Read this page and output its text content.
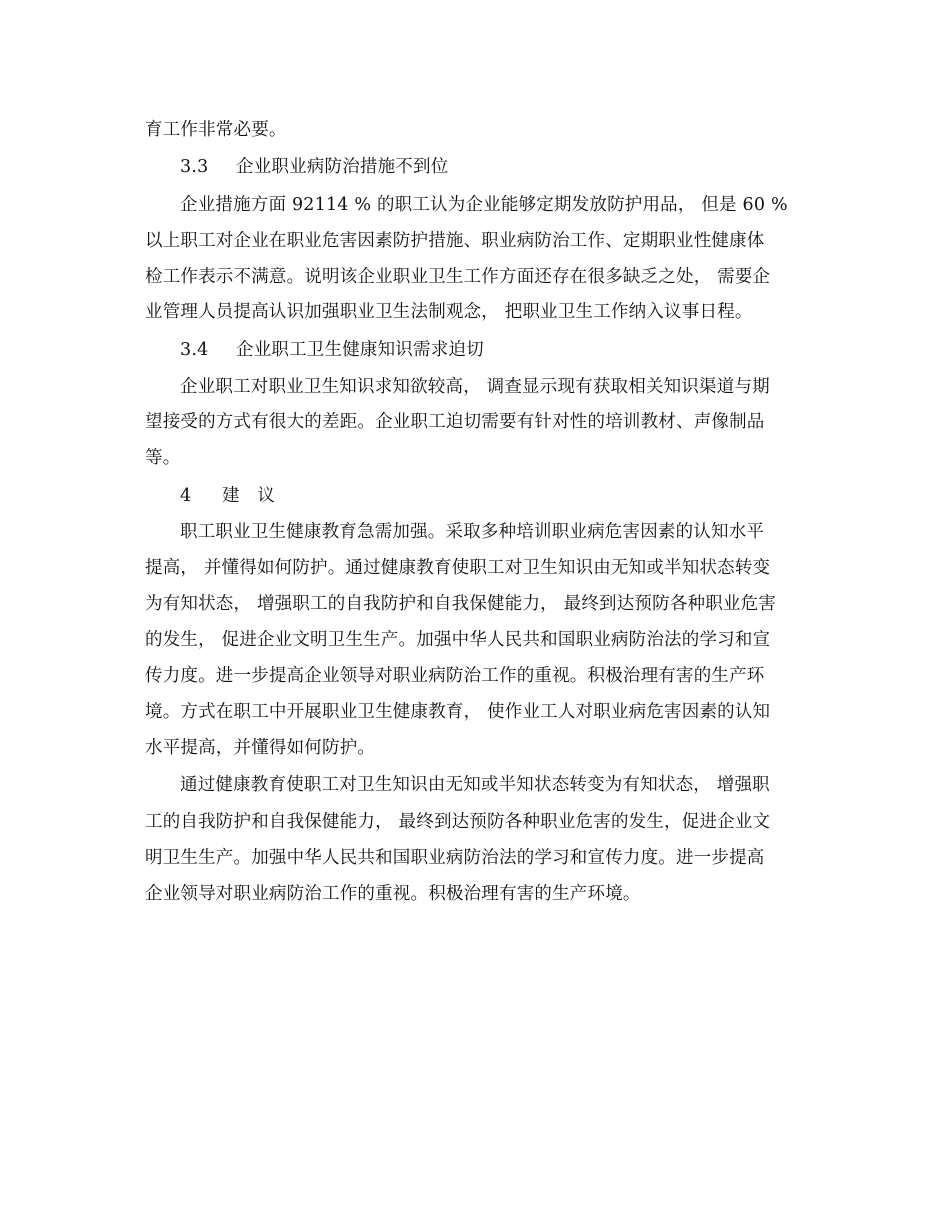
育工作非常必要。
3.3 企业职业病防治措施不到位
企业措施方面 92114 % 的职工认为企业能够定期发放防护用品， 但是 60 %
以上职工对企业在职业危害因素防护措施、职业病防治工作、定期职业性健康体
检工作表示不满意。说明该企业职业卫生工作方面还存在很多缺乏之处， 需要企
业管理人员提高认识加强职业卫生法制观念， 把职业卫生工作纳入议事日程。
3.4 企业职工卫生健康知识需求迫切
企业职工对职业卫生知识求知欲较高， 调查显示现有获取相关知识渠道与期
望接受的方式有很大的差距。企业职工迫切需要有针对性的培训教材、声像制品
等。
4 建　议
职工职业卫生健康教育急需加强。采取多种培训职业病危害因素的认知水平
提高， 并懂得如何防护。通过健康教育使职工对卫生知识由无知或半知状态转变
为有知状态， 增强职工的自我防护和自我保健能力， 最终到达预防各种职业危害
的发生， 促进企业文明卫生生产。加强中华人民共和国职业病防治法的学习和宣
传力度。进一步提高企业领导对职业病防治工作的重视。积极治理有害的生产环
境。方式在职工中开展职业卫生健康教育， 使作业工人对职业病危害因素的认知
水平提高，并懂得如何防护。
通过健康教育使职工对卫生知识由无知或半知状态转变为有知状态， 增强职
工的自我防护和自我保健能力， 最终到达预防各种职业危害的发生，促进企业文
明卫生生产。加强中华人民共和国职业病防治法的学习和宣传力度。进一步提高
企业领导对职业病防治工作的重视。积极治理有害的生产环境。
